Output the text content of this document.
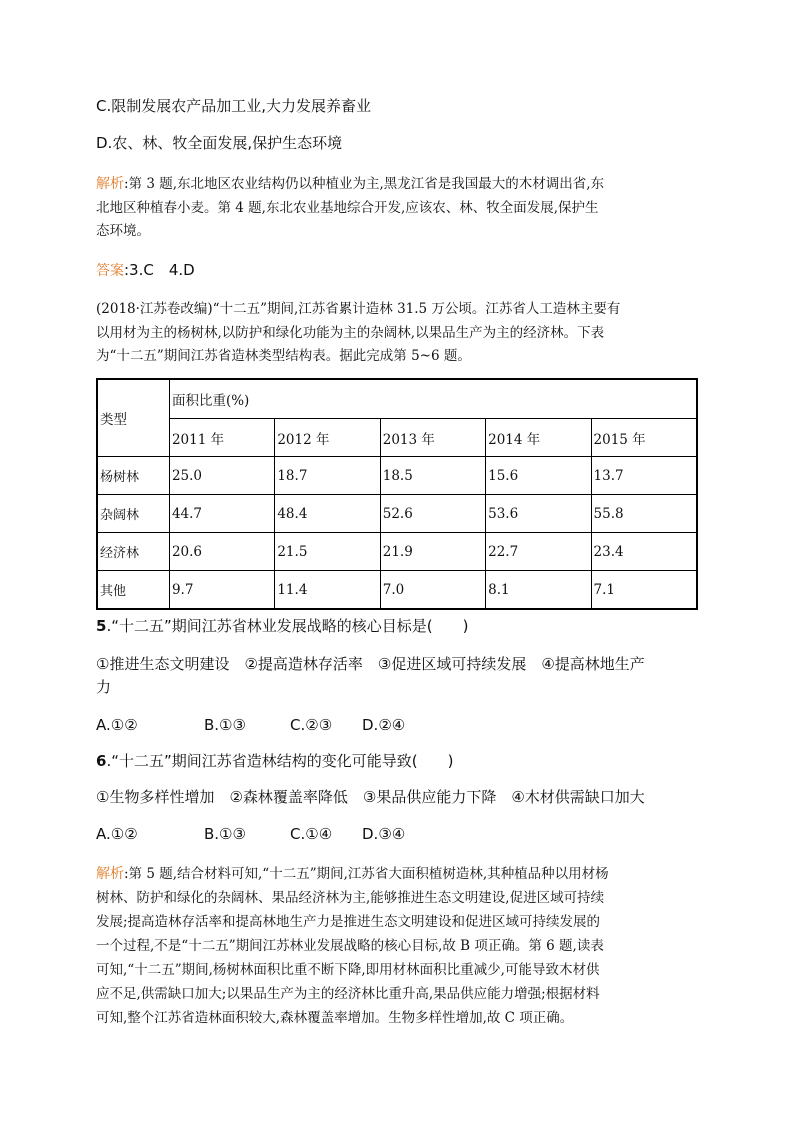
C.限制发展农产品加工业,大力发展养畜业
D.农、林、牧全面发展,保护生态环境
解析:第 3 题,东北地区农业结构仍以种植业为主,黑龙江省是我国最大的木材调出省,东
北地区种植春小麦。第 4 题,东北农业基地综合开发,应该农、林、牧全面发展,保护生
态环境。
答案:3.C　4.D
(2018·江苏卷改编)“十二五”期间,江苏省累计造林 31.5 万公顷。江苏省人工造林主要有
以用材为主的杨树林,以防护和绿化功能为主的杂阔林,以果品生产为主的经济林。下表
为“十二五”期间江苏省造林类型结构表。据此完成第 5~6 题。
类型	面积比重(%)				
	2011 年	2012 年	2013 年	2014 年	2015 年
杨树林	25.0	18.7	18.5	15.6	13.7
杂阔林	44.7	48.4	52.6	53.6	55.8
经济林	20.6	21.5	21.9	22.7	23.4
其他	9.7	11.4	7.0	8.1	7.1
5.“十二五”期间江苏省林业发展战略的核心目标是(　　)
①推进生态文明建设　②提高造林存活率　③促进区域可持续发展　④提高林地生产
力
A.①②	B.①③	C.②③ D.②④
6.“十二五”期间江苏省造林结构的变化可能导致(　　)
①生物多样性增加　②森林覆盖率降低　③果品供应能力下降　④木材供需缺口加大
A.①②	B.①③	C.①④ D.③④
解析:第 5 题,结合材料可知,“十二五”期间,江苏省大面积植树造林,其种植品种以用材杨
树林、防护和绿化的杂阔林、果品经济林为主,能够推进生态文明建设,促进区域可持续
发展;提高造林存活率和提高林地生产力是推进生态文明建设和促进区域可持续发展的
一个过程,不是“十二五”期间江苏林业发展战略的核心目标,故 B 项正确。第 6 题,读表
可知,“十二五”期间,杨树林面积比重不断下降,即用材林面积比重减少,可能导致木材供
应不足,供需缺口加大;以果品生产为主的经济林比重升高,果品供应能力增强;根据材料
可知,整个江苏省造林面积较大,森林覆盖率增加。生物多样性增加,故 C 项正确。
